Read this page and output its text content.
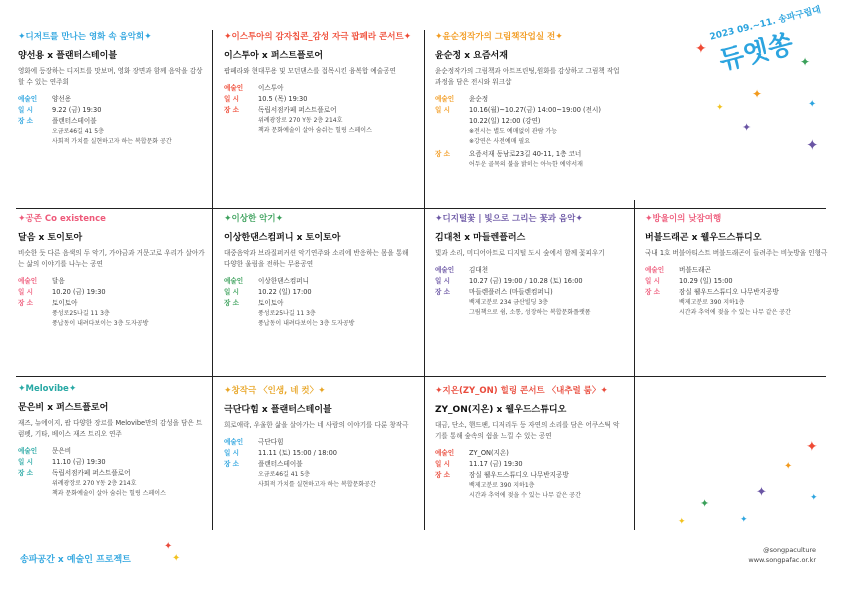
2023 09.~11. 송파구립대
듀엣쏭
✦
✦
✦
✦
✦
✦
✦
✦디저트를 만나는 영화 속 음악회✦
양선용 x 플랜터스테이블
영화에 등장하는 디저트를 맛보며, 영화 장면과 함께 음악을 감상할 수 있는 연주회
예술인	양선용
일 시	9.22 (금) 19:30
장 소	플랜터스테이블
오금로46길 41 5층
사회적 가치를 실현하고자 하는 복합문화 공간
✦이스투아의 감자칩콘_감성 자극 팝페라 콘서트✦
이스투아 x 퍼스트플로어
팝페라와 현대무용 및 모던댄스를 접목시킨 융복합 예술공연
예술인	이스투아
일 시	10.5 (목) 19:30
장 소	독립서점카페 퍼스트플로어
위례광장로 270 Y동 2층 214호
책과 문화예술이 살아 숨쉬는 힐링 스페이스
✦윤순정작가의 그림책작업실 전✦
윤순정 x 요즘서재
윤순정작가의 그림책과 아트프린팅,원화를 감상하고 그림책 작업 과정을 담은 전시와 워크샵
예술인	윤순정
일 시	10.16(월)~10.27(금) 14:00~19:00 (전시)
10.22(일) 12:00 (강연)
※전시는 별도 예매없이 관람 가능
※강연은 사전예매 필요
장 소	요즘서재 동남로23길 40-11, 1층 코너
어두운 골목의 불을 밝히는 아늑한 예약서재
✦공존 Co existence
달음 x 토이토아
비슷한 듯 다른 음색의 두 악기, 가야금과 거문고로 우리가 살아가는 삶의 이야기를 나누는 공연
예술인	달음
일 시	10.20 (금) 19:30
장 소	토이토아
풍성로25나길 11 3층
풍납동이 내려다보이는 3층 도자공방
✦이상한 악기✦
이상한댄스컴퍼니 x 토이토아
대중음악과 브라질퍼커션 악기연주와 소리에 반응하는 몸을 통해 다양한 울림을 전하는 무용공연
예술인	이상한댄스컴퍼니
일 시	10.22 (일) 17:00
장 소	토이토아
풍성로25나길 11 3층
풍납동이 내려다보이는 3층 도자공방
✦디지털꽃 | 빛으로 그리는 꽃과 음악✦
김대천 x 마들렌플러스
빛과 소리, 미디어아트로 디지털 도시 숲에서 함께 꽃피우기
예술인	김대천
일 시	10.27 (금) 19:00 / 10.28 (토) 16:00
장 소	마들렌플러스 (마들렌컴퍼니)
백제고분로 234 금산빌딩 3층
그림책으로 쉼, 소통, 성장하는 복합문화플랫폼
✦방울이의 낮잠여행
버블드래곤 x 웰우드스튜디오
국내 1호 버블아티스트 버블드래곤이 들려주는 비눗방울 인형극
예술인	버블드래곤
일 시	10.29 (일) 15:00
장 소	잠실 웰우드스튜디오 나무반지공방
백제고분로 390 지하1층
시간과 추억에 젖을 수 있는 나무 같은 공간
✦Melovibe✦
문은비 x 퍼스트플로어
재즈, 뉴에이지, 팝 다양한 장르를 Melovibe만의 감성을 담은 트럼펫, 기타, 베이스 재즈 트리오 연주
예술인	문은비
일 시	11.10 (금) 19:30
장 소	독립서점카페 퍼스트플로어
위례광장로 270 Y동 2층 214호
책과 문화예술이 살아 숨쉬는 힐링 스페이스
✦창작극 〈인생, 네 컷〉✦
극단다힘 x 플랜터스테이블
희로애락, 우울한 삶을 살아가는 네 사람의 이야기를 다룬 창작극
예술인	극단다힘
일 시	11.11 (토) 15:00 / 18:00
장 소	플랜터스테이블
오금로46길 41 5층
사회적 가치를 실현하고자 하는 복합문화공간
✦지온(ZY_ON) 힐링 콘서트 〈내추럴 룸〉✦
ZY_ON(지온) x 웰우드스튜디오
대금, 단소, 핸드팬, 디저리두 등 자연의 소리를 담은 어쿠스틱 악기를 통해 숲속의 쉼을 느낄 수 있는 공연
예술인	ZY_ON(지온)
일 시	11.17 (금) 19:30
장 소	잠실 웰우드스튜디오 나무반지공방
백제고분로 390 지하1층
시간과 추억에 젖을 수 있는 나무 같은 공간
✦
✦
✦
✦
✦	✦
✦
송파공간 x 예술인 프로젝트
✦
✦
@songpaculture
www.songpafac.or.kr
